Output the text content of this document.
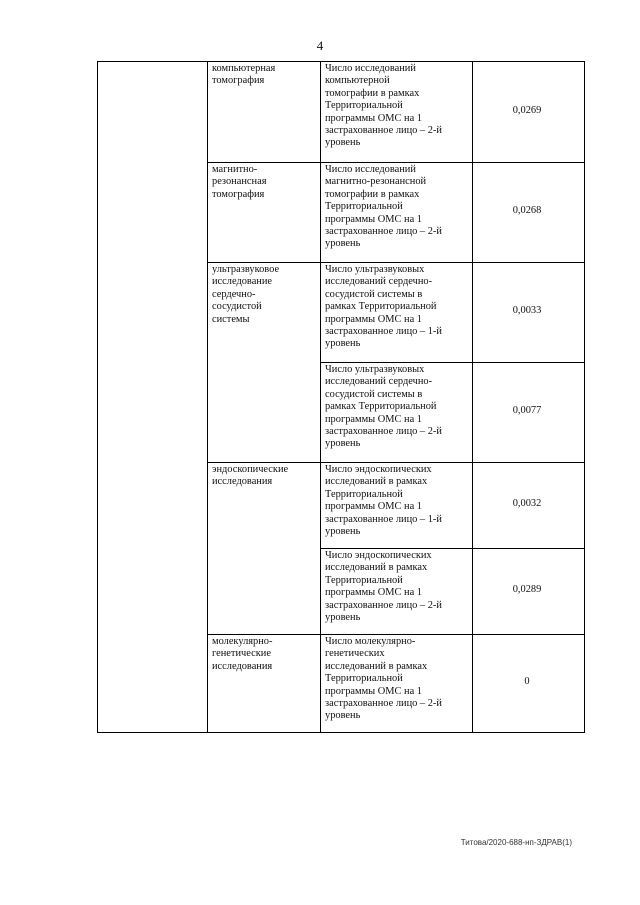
4
компьютерная
томография
Число исследований
компьютерной
томографии в рамках
Территориальной
программы ОМС на 1
застрахованное лицо – 2-й
уровень
0,0269
магнитно-
резонансная
томография
Число исследований
магнитно-резонансной
томографии в рамках
Территориальной
программы ОМС на 1
застрахованное лицо – 2-й
уровень
0,0268
ультразвуковое
исследование
сердечно-
сосудистой
системы
Число ультразвуковых
исследований сердечно-
сосудистой системы в
рамках Территориальной
программы ОМС на 1
застрахованное лицо – 1-й
уровень
0,0033
Число ультразвуковых
исследований сердечно-
сосудистой системы в
рамках Территориальной
программы ОМС на 1
застрахованное лицо – 2-й
уровень
0,0077
эндоскопические
исследования
Число эндоскопических
исследований в рамках
Территориальной
программы ОМС на 1
застрахованное лицо – 1-й
уровень
0,0032
Число эндоскопических
исследований в рамках
Территориальной
программы ОМС на 1
застрахованное лицо – 2-й
уровень
0,0289
молекулярно-
генетические
исследования
Число молекулярно-
генетических
исследований в рамках
Территориальной
программы ОМС на 1
застрахованное лицо – 2-й
уровень
0
Титова/2020-688-нп-ЗДРАВ(1)
